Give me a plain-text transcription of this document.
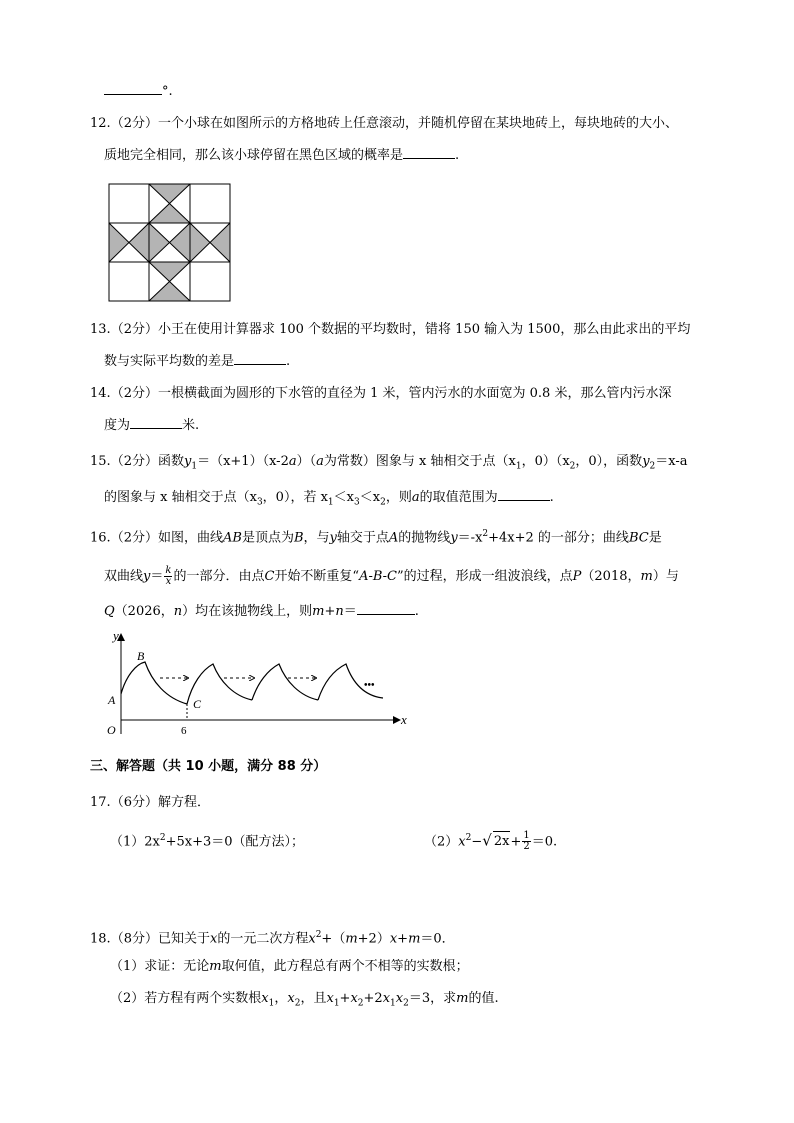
°.
12.（2分）一个小球在如图所示的方格地砖上任意滚动，并随机停留在某块地砖上，每块地砖的大小、
质地完全相同，那么该小球停留在黑色区域的概率是	.
13.（2分）小王在使用计算器求 100 个数据的平均数时，错将 150 输入为 1500，那么由此求出的平均
数与实际平均数的差是	.
14.（2分）一根横截面为圆形的下水管的直径为 1 米，管内污水的水面宽为 0.8 米，那么管内污水深
度为	米.
15.（2分）函数$y_1=(x+1)(x-2a)(a$为常数）图象与 x 轴相交于点（$x_1$，$0)(x_2$，0），函数$y_2=x-a$
的图象与 x 轴相交于点（$x_3$，0），若 $x_1<x_3<x_2$，则a的取值范围为	.
16.（2分）如图，曲线AB是顶点为B，与y轴交于点A的抛物线$y=-x^2+4x+2$ 的一部分；曲线BC是
双曲线$y= \frac{k}{x}$ 的一部分．由点C开始不断重复“A-B-C”的过程，形成一组波浪线，点P（2018，m）与
Q（2026，n）均在该抛物线上，则m+n＝	.
y
x
O
A
B
C
6
•••
三、解答题（共 10 小题，满分 88 分）
17.（6分）解方程．
$(1)2x^2+5x+3=0$（配方法）；	$(2)x^2-√$ $2x+ \frac{1}{2} =0$.
18.（8分）已知关于x的一元二次方程$x^2+(m+2)x+m=0$．
（1）求证：无论m取何值，此方程总有两个不相等的实数根；
（2）若方程有两个实数根$x_1$，$x_2$，且$x_1+x_2+2x_1x_2=3$，求m的值.
